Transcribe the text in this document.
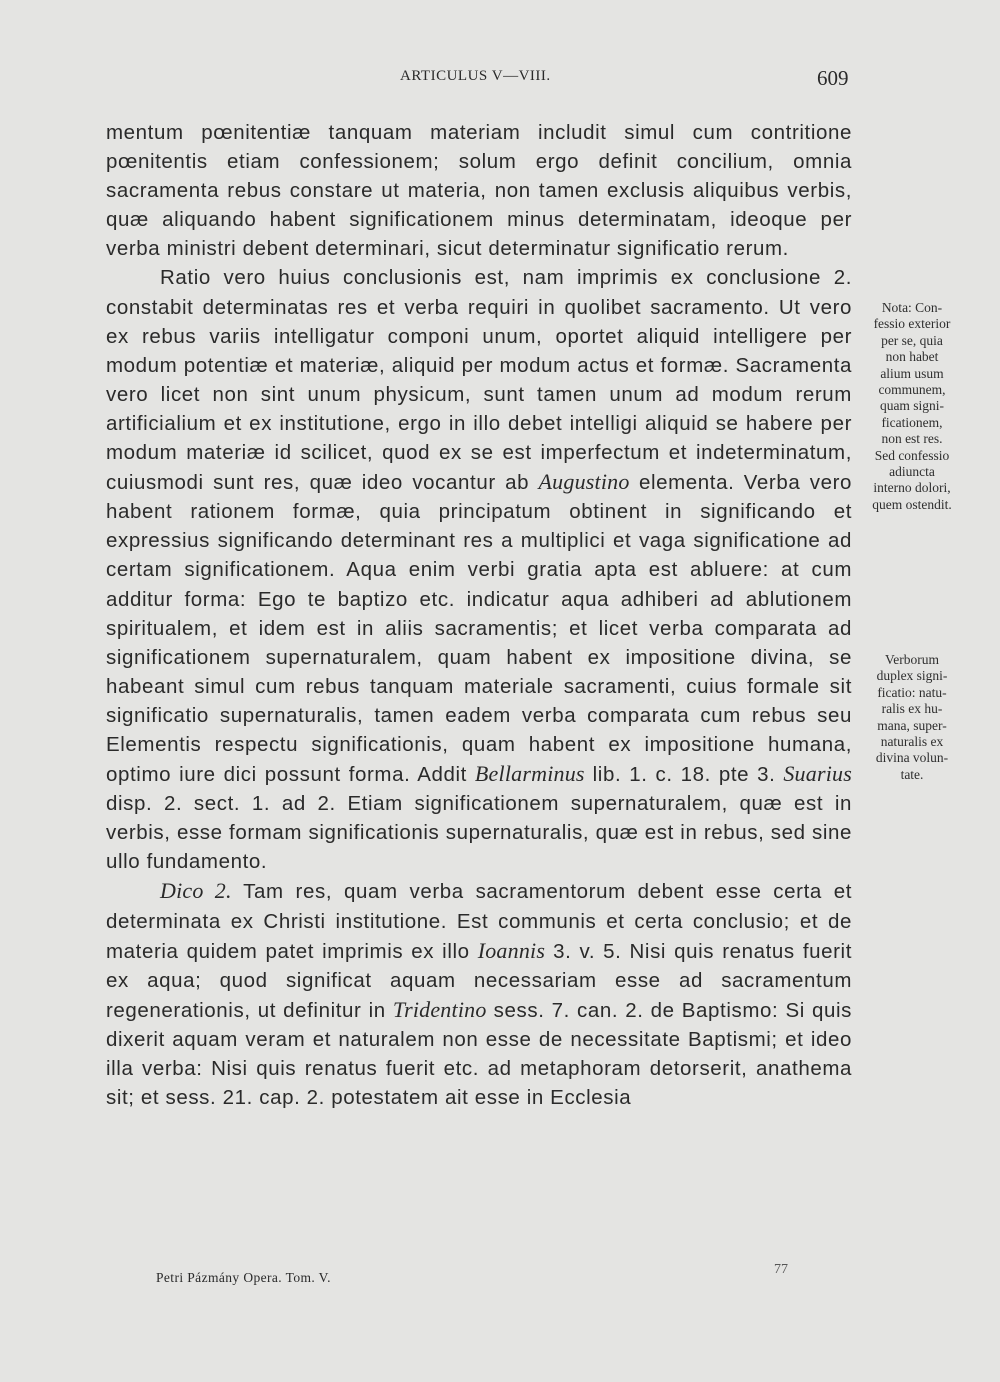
ARTICULUS V—VIII.	609

mentum pœnitentiæ tanquam materiam includit simul cum contritione pœnitentis etiam confessionem; solum ergo definit concilium, omnia sacramenta rebus constare ut materia, non tamen exclusis aliquibus verbis, quæ aliquando habent significationem minus determinatam, ideoque per verba ministri debent determinari, sicut determinatur significatio rerum.

Ratio vero huius conclusionis est, nam imprimis ex conclusione 2. constabit determinatas res et verba requiri in quolibet sacramento. Ut vero ex rebus variis intelligatur componi unum, oportet aliquid intelligere per modum potentiæ et materiæ, aliquid per modum actus et formæ. Sacramenta vero licet non sint unum physicum, sunt tamen unum ad modum rerum artificialium et ex institutione, ergo in illo debet intelligi aliquid se habere per modum materiæ id scilicet, quod ex se est imperfectum et indeterminatum, cuiusmodi sunt res, quæ ideo vocantur ab Augustino elementa. Verba vero habent rationem formæ, quia principatum obtinent in significando et expressius significando determinant res a multiplici et vaga significatione ad certam significationem. Aqua enim verbi gratia apta est abluere: at cum additur forma: Ego te baptizo etc. indicatur aqua adhiberi ad ablutionem spiritualem, et idem est in aliis sacramentis; et licet verba comparata ad significationem supernaturalem, quam habent ex impositione divina, se habeant simul cum rebus tanquam materiale sacramenti, cuius formale sit significatio supernaturalis, tamen eadem verba comparata cum rebus seu Elementis respectu significationis, quam habent ex impositione humana, optimo iure dici possunt forma. Addit Bellarminus lib. 1. c. 18. pte 3. Suarius disp. 2. sect. 1. ad 2. Etiam significationem supernaturalem, quæ est in verbis, esse formam significationis supernaturalis, quæ est in rebus, sed sine ullo fundamento.

Dico 2. Tam res, quam verba sacramentorum debent esse certa et determinata ex Christi institutione. Est communis et certa conclusio; et de materia quidem patet imprimis ex illo Ioannis 3. v. 5. Nisi quis renatus fuerit ex aqua; quod significat aquam necessariam esse ad sacramentum regenerationis, ut definitur in Tridentino sess. 7. can. 2. de Baptismo: Si quis dixerit aquam veram et naturalem non esse de necessitate Baptismi; et ideo illa verba: Nisi quis renatus fuerit etc. ad metaphoram detorserit, anathema sit; et sess. 21. cap. 2. potestatem ait esse in Ecclesia

Nota: Con-
fessio exterior
per se, quia
non habet
alium usum
communem,
quam signi-
ficationem,
non est res.
Sed confessio
adiuncta
interno dolori,
quem ostendit.
Verborum
duplex signi-
ficatio: natu-
ralis ex hu-
mana, super-
naturalis ex
divina volun-
tate.
Petri Pázmány Opera. Tom. V.
77
